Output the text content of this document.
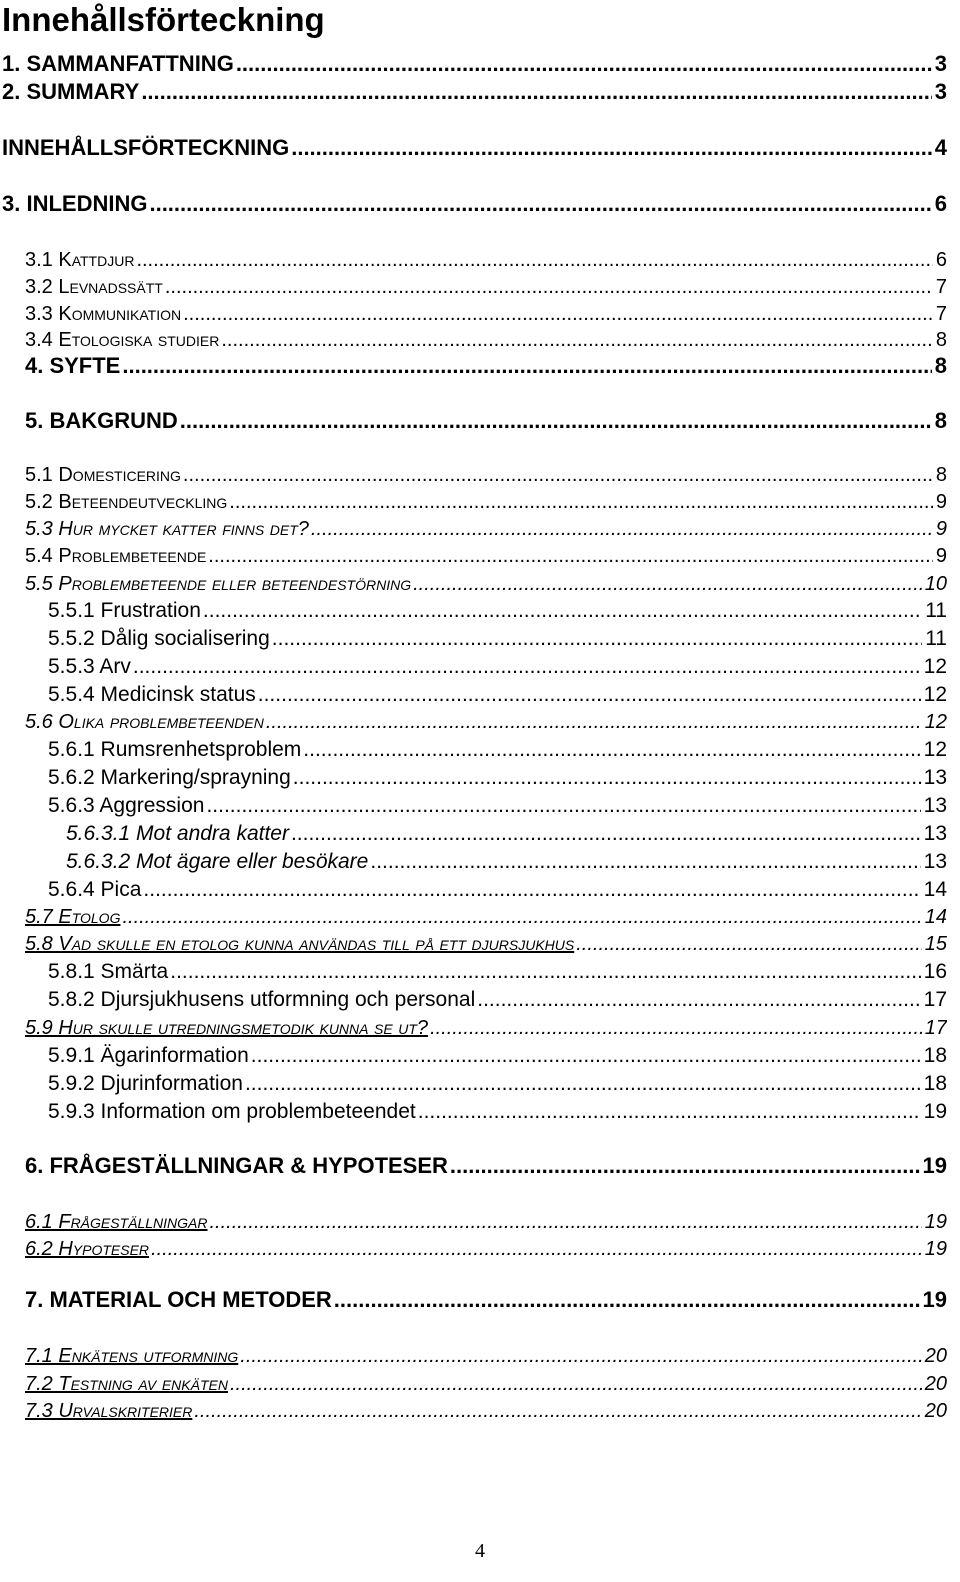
Innehållsförteckning
1. SAMMANFATTNING .....	3
2. SUMMARY .....	3
INNEHÅLLSFÖRTECKNING .....	4
3. INLEDNING .....	6
3.1 Kattdjur .....	6
3.2 Levnadssätt .....	7
3.3 Kommunikation .....	7
3.4 Etologiska studier .....	8
4. SYFTE .....	8
5. BAKGRUND .....	8
5.1 Domesticering .....	8
5.2 Beteendeutveckling .....	9
5.3 Hur mycket katter finns det? .....	9
5.4 Problembeteende .....	9
5.5 Problembeteende eller beteendestörning .....	10
5.5.1 Frustration .....	11
5.5.2 Dålig socialisering .....	11
5.5.3 Arv .....	12
5.5.4 Medicinsk status .....	12
5.6 Olika problembeteenden .....	12
5.6.1 Rumsrenhetsproblem .....	12
5.6.2 Markering/sprayning .....	13
5.6.3 Aggression .....	13
5.6.3.1 Mot andra katter .....	13
5.6.3.2 Mot ägare eller besökare .....	13
5.6.4 Pica .....	14
5.7 Etolog .....	14
5.8 Vad skulle en etolog kunna användas till på ett djursjukhus .....	15
5.8.1 Smärta .....	16
5.8.2 Djursjukhusens utformning och personal .....	17
5.9 Hur skulle utredningsmetodik kunna se ut? .....	17
5.9.1 Ägarinformation .....	18
5.9.2 Djurinformation .....	18
5.9.3 Information om problembeteendet .....	19
6. FRÅGESTÄLLNINGAR & HYPOTESER .....	19
6.1 Frågeställningar .....	19
6.2 Hypoteser .....	19
7. MATERIAL OCH METODER .....	19
7.1 Enkätens utformning .....	20
7.2 Testning av enkäten .....	20
7.3 Urvalskriterier .....	20
4
